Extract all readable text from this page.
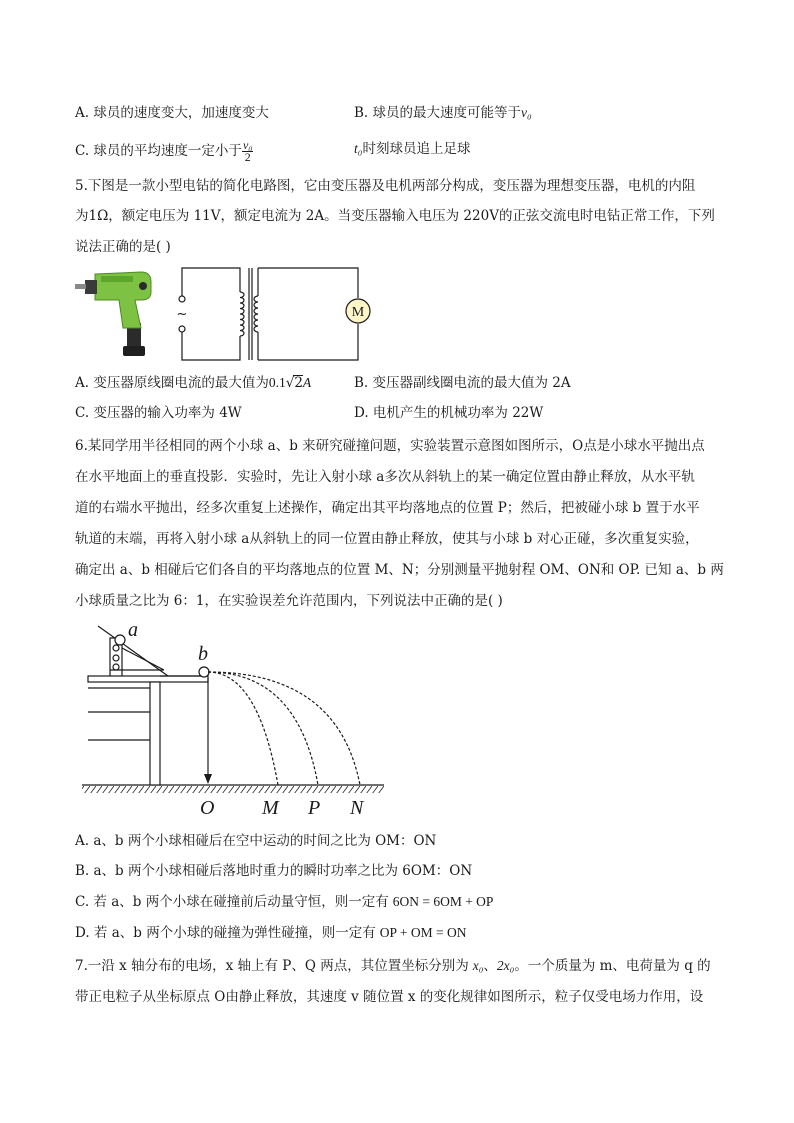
A. 球员的速度变大，加速度变大	B. 球员的最大速度可能等于v₀
C. 球员的平均速度一定小于 $\frac{\text{v₀}}{2}$	t₀时刻球员追上足球
5.下图是一款小型电钻的简化电路图，它由变压器及电机两部分构成，变压器为理想变压器，电机的内阻
为1Ω，额定电压为 11V，额定电流为 2A。当变压器输入电压为 220V的正弦交流电时电钻正常工作，下列
说法正确的是( )
M
~
A. 变压器原线圈电流的最大值为0.1√2A	B. 变压器副线圈电流的最大值为 2A
C. 变压器的输入功率为 4W	D. 电机产生的机械功率为 22W
6.某同学用半径相同的两个小球 a、b 来研究碰撞问题，实验装置示意图如图所示，O点是小球水平抛出点
在水平地面上的垂直投影．实验时，先让入射小球 a多次从斜轨上的某一确定位置由静止释放，从水平轨
道的右端水平抛出，经多次重复上述操作，确定出其平均落地点的位置 P；然后，把被碰小球 b 置于水平
轨道的末端，再将入射小球 a从斜轨上的同一位置由静止释放，使其与小球 b 对心正碰，多次重复实验，
确定出 a、b 相碰后它们各自的平均落地点的位置 M、N；分别测量平抛射程 OM、ON和 OP. 已知 a、b 两
小球质量之比为 6：1，在实验误差允许范围内，下列说法中正确的是( )
a
b
O M P N
A. a、b 两个小球相碰后在空中运动的时间之比为 OM：ON
B. a、b 两个小球相碰后落地时重力的瞬时功率之比为 6OM：ON
C. 若 a、b 两个小球在碰撞前后动量守恒，则一定有 6ON = 6OM + OP
D. 若 a、b 两个小球的碰撞为弹性碰撞，则一定有 OP + OM = ON
7.一沿 x 轴分布的电场，x 轴上有 P、Q 两点，其位置坐标分别为 x₀、2x₀。一个质量为 m、电荷量为 q 的
带正电粒子从坐标原点 O由静止释放，其速度 v 随位置 x 的变化规律如图所示，粒子仅受电场力作用，设
